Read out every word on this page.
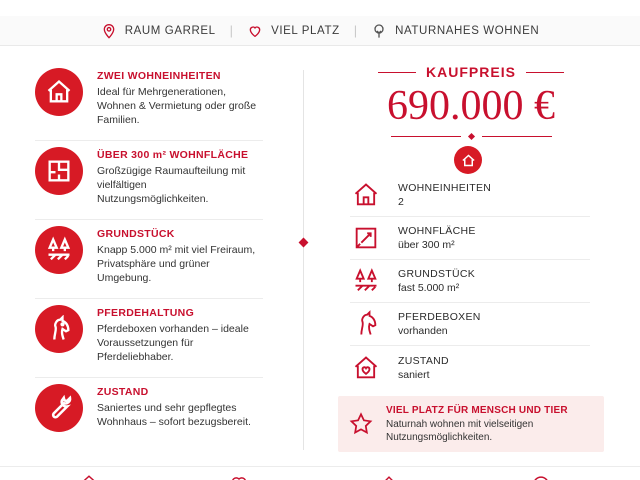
RAUM GARREL |	VIEL PLATZ |	NATURNAHES WOHNEN
ZWEI WOHNEINHEITEN
Ideal für Mehrgenerationen, Wohnen & Vermietung oder große Familien.
ÜBER 300 m² WOHNFLÄCHE
Großzügige Raumaufteilung mit vielfältigen Nutzungsmöglichkeiten.
GRUNDSTÜCK
Knapp 5.000 m² mit viel Freiraum, Privatsphäre und grüner Umgebung.
PFERDEHALTUNG
Pferdeboxen vorhanden – ideale Voraussetzungen für Pferdeliebhaber.
ZUSTAND
Saniertes und sehr gepflegtes Wohnhaus – sofort bezugsbereit.
KAUFPREIS
690.000 €
WOHNEINHEITEN
2
WOHNFLÄCHE
über 300 m²
GRUNDSTÜCK
fast 5.000 m²
PFERDEBOXEN
vorhanden
ZUSTAND
saniert
VIEL PLATZ FÜR MENSCH UND TIER
Naturnah wohnen mit vielseitigen Nutzungsmöglichkeiten.
